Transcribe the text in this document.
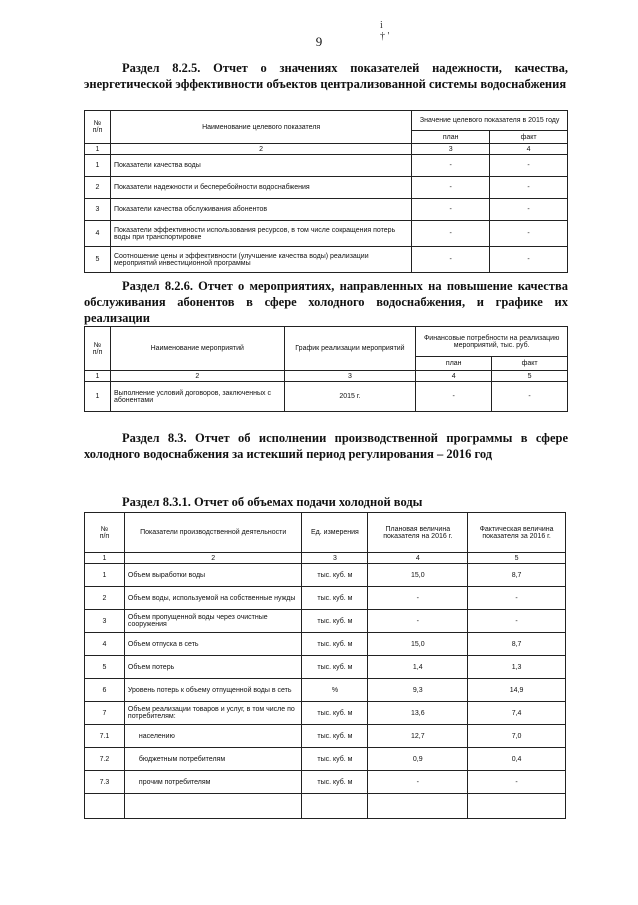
9
i
† '
Раздел 8.2.5. Отчет о значениях показателей надежности, качества, энергетической эффективности объектов централизованной системы водоснабжения
№
п/п	Наименование целевого показателя	Значение целевого показателя в 2015 году	
		план	факт
1	2	3	4
1	Показатели качества воды	-	-
2	Показатели надежности и бесперебойности водоснабжения	-	-
3	Показатели качества обслуживания абонентов	-	-
4	Показатели эффективности использования ресурсов, в том числе сокращения потерь воды при транспортировке	-	-
5	Соотношение цены и эффективности (улучшение качества воды) реализации мероприятий инвестиционной программы	-	-
Раздел 8.2.6. Отчет о мероприятиях, направленных на повышение качества обслуживания абонентов в сфере холодного водоснабжения, и графике их реализации
№
п/п	Наименование мероприятий	График реализации мероприятий	Финансовые потребности на реализацию мероприятий, тыс. руб.	
			план	факт
1	2	3	4	5
1	Выполнение условий договоров, заключенных с абонентами	2015 г.	-	-
Раздел 8.3. Отчет об исполнении производственной программы в сфере холодного водоснабжения за истекший период регулирования – 2016 год
Раздел 8.3.1. Отчет об объемах подачи холодной воды
№
п/п	Показатели производственной деятельности	Ед. измерения	Плановая величина показателя на 2016 г.	Фактическая величина показателя за 2016 г.
1	2	3	4	5
1	Объем выработки воды	тыс. куб. м	15,0	8,7
2	Объем воды, используемой на собственные нужды	тыс. куб. м	-	-
3	Объем пропущенной воды через очистные сооружения	тыс. куб. м	-	-
4	Объем отпуска в сеть	тыс. куб. м	15,0	8,7
5	Объем потерь	тыс. куб. м	1,4	1,3
6	Уровень потерь к объему отпущенной воды в сеть	%	9,3	14,9
7	Объем реализации товаров и услуг, в том числе по потребителям:	тыс. куб. м	13,6	7,4
7.1	населению	тыс. куб. м	12,7	7,0
7.2	бюджетным потребителям	тыс. куб. м	0,9	0,4
7.3	прочим потребителям	тыс. куб. м	-	-
